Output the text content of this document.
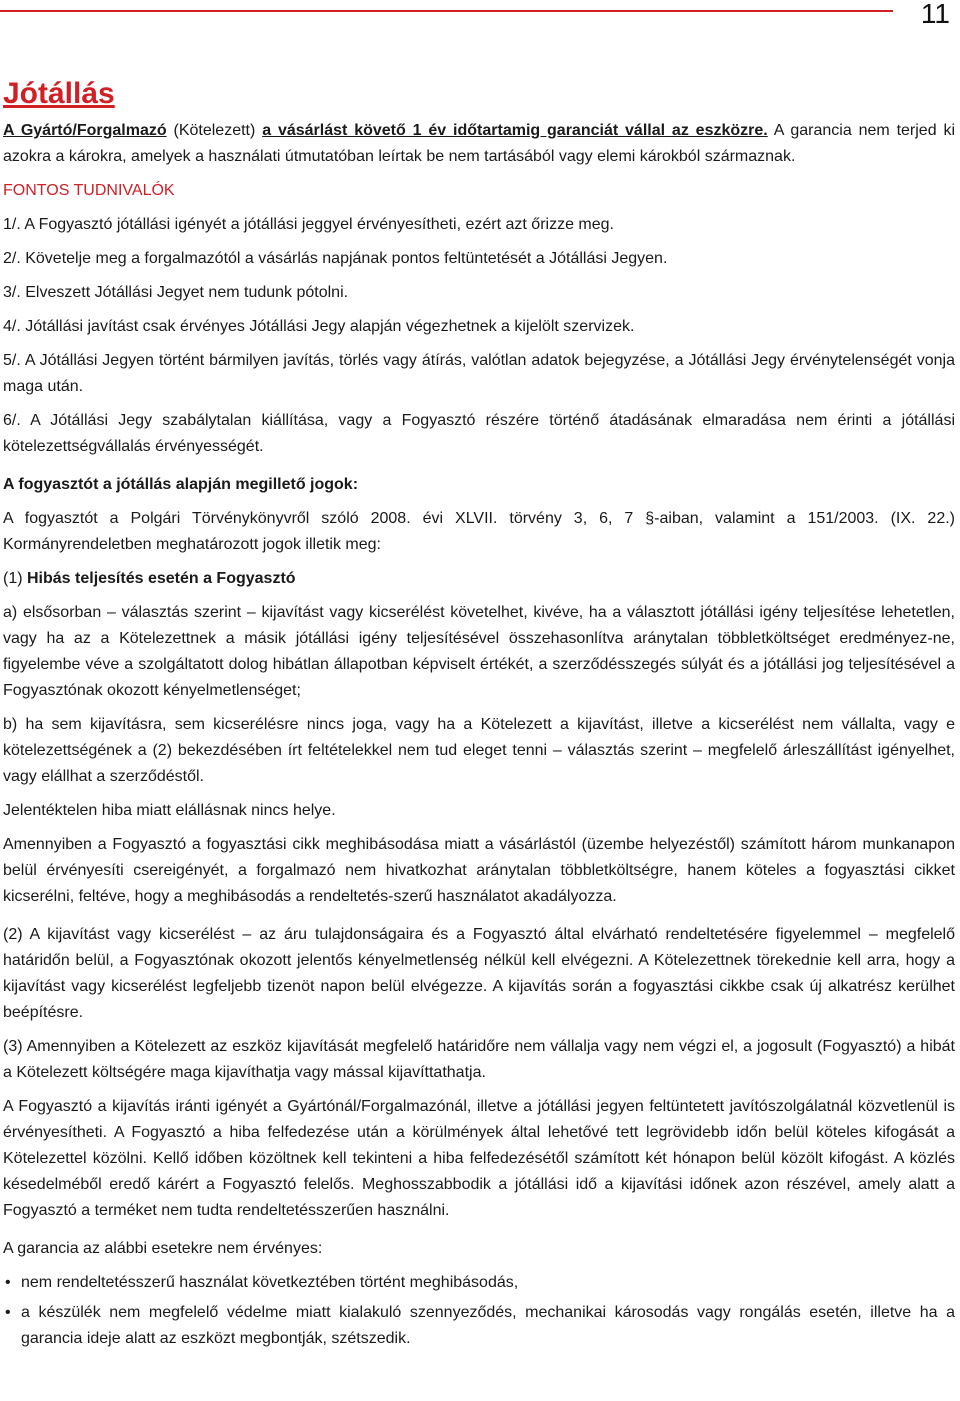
11
Jótállás

A Gyártó/Forgalmazó (Kötelezett) a vásárlást követő 1 év időtartamig garanciát vállal az eszközre. A garancia nem terjed ki azokra a károkra, amelyek a használati útmutatóban leírtak be nem tartásából vagy elemi károkból származnak.

FONTOS TUDNIVALÓK

1/. A Fogyasztó jótállási igényét a jótállási jeggyel érvényesítheti, ezért azt őrizze meg.

2/. Követelje meg a forgalmazótól a vásárlás napjának pontos feltüntetését a Jótállási Jegyen.

3/. Elveszett Jótállási Jegyet nem tudunk pótolni.

4/. Jótállási javítást csak érvényes Jótállási Jegy alapján végezhetnek a kijelölt szervizek.

5/. A Jótállási Jegyen történt bármilyen javítás, törlés vagy átírás, valótlan adatok bejegyzése, a Jótállási Jegy érvénytelenségét vonja maga után.

6/. A Jótállási Jegy szabálytalan kiállítása, vagy a Fogyasztó részére történő átadásának elmaradása nem érinti a jótállási kötelezettségvállalás érvényességét.

A fogyasztót a jótállás alapján megillető jogok:

A fogyasztót a Polgári Törvénykönyvről szóló 2008. évi XLVII. törvény 3, 6, 7 §-aiban, valamint a 151/2003. (IX. 22.) Kormányrendeletben meghatározott jogok illetik meg:

(1) Hibás teljesítés esetén a Fogyasztó

a) elsősorban – választás szerint – kijavítást vagy kicserélést követelhet, kivéve, ha a választott jótállási igény teljesítése lehetetlen, vagy ha az a Kötelezettnek a másik jótállási igény teljesítésével összehasonlítva aránytalan többletköltséget eredményez-ne, figyelembe véve a szolgáltatott dolog hibátlan állapotban képviselt értékét, a szerződésszegés súlyát és a jótállási jog teljesítésével a Fogyasztónak okozott kényelmetlenséget;

b) ha sem kijavításra, sem kicserélésre nincs joga, vagy ha a Kötelezett a kijavítást, illetve a kicserélést nem vállalta, vagy e kötelezettségének a (2) bekezdésében írt feltételekkel nem tud eleget tenni – választás szerint – megfelelő árleszállítást igényelhet, vagy elállhat a szerződéstől.

Jelentéktelen hiba miatt elállásnak nincs helye.

Amennyiben a Fogyasztó a fogyasztási cikk meghibásodása miatt a vásárlástól (üzembe helyezéstől) számított három munkanapon belül érvényesíti csereigényét, a forgalmazó nem hivatkozhat aránytalan többletköltségre, hanem köteles a fogyasztási cikket kicserélni, feltéve, hogy a meghibásodás a rendeltetés-szerű használatot akadályozza.

(2) A kijavítást vagy kicserélést – az áru tulajdonságaira és a Fogyasztó által elvárható rendeltetésére figyelemmel – megfelelő határidőn belül, a Fogyasztónak okozott jelentős kényelmetlenség nélkül kell elvégezni. A Kötelezettnek törekednie kell arra, hogy a kijavítást vagy kicserélést legfeljebb tizenöt napon belül elvégezze. A kijavítás során a fogyasztási cikkbe csak új alkatrész kerülhet beépítésre.

(3) Amennyiben a Kötelezett az eszköz kijavítását megfelelő határidőre nem vállalja vagy nem végzi el, a jogosult (Fogyasztó) a hibát a Kötelezett költségére maga kijavíthatja vagy mással kijavíttathatja.

A Fogyasztó a kijavítás iránti igényét a Gyártónál/Forgalmazónál, illetve a jótállási jegyen feltüntetett javítószolgálatnál közvetlenül is érvényesítheti. A Fogyasztó a hiba felfedezése után a körülmények által lehetővé tett legrövidebb időn belül köteles kifogását a Kötelezettel közölni. Kellő időben közöltnek kell tekinteni a hiba felfedezésétől számított két hónapon belül közölt kifogást. A közlés késedelméből eredő kárért a Fogyasztó felelős. Meghosszabbodik a jótállási idő a kijavítási időnek azon részével, amely alatt a Fogyasztó a terméket nem tudta rendeltetésszerűen használni.

A garancia az alábbi esetekre nem érvényes:

• nem rendeltetésszerű használat következtében történt meghibásodás,
• a készülék nem megfelelő védelme miatt kialakuló szennyeződés, mechanikai károsodás vagy rongálás esetén, illetve ha a garancia ideje alatt az eszközt megbontják, szétszedik.
